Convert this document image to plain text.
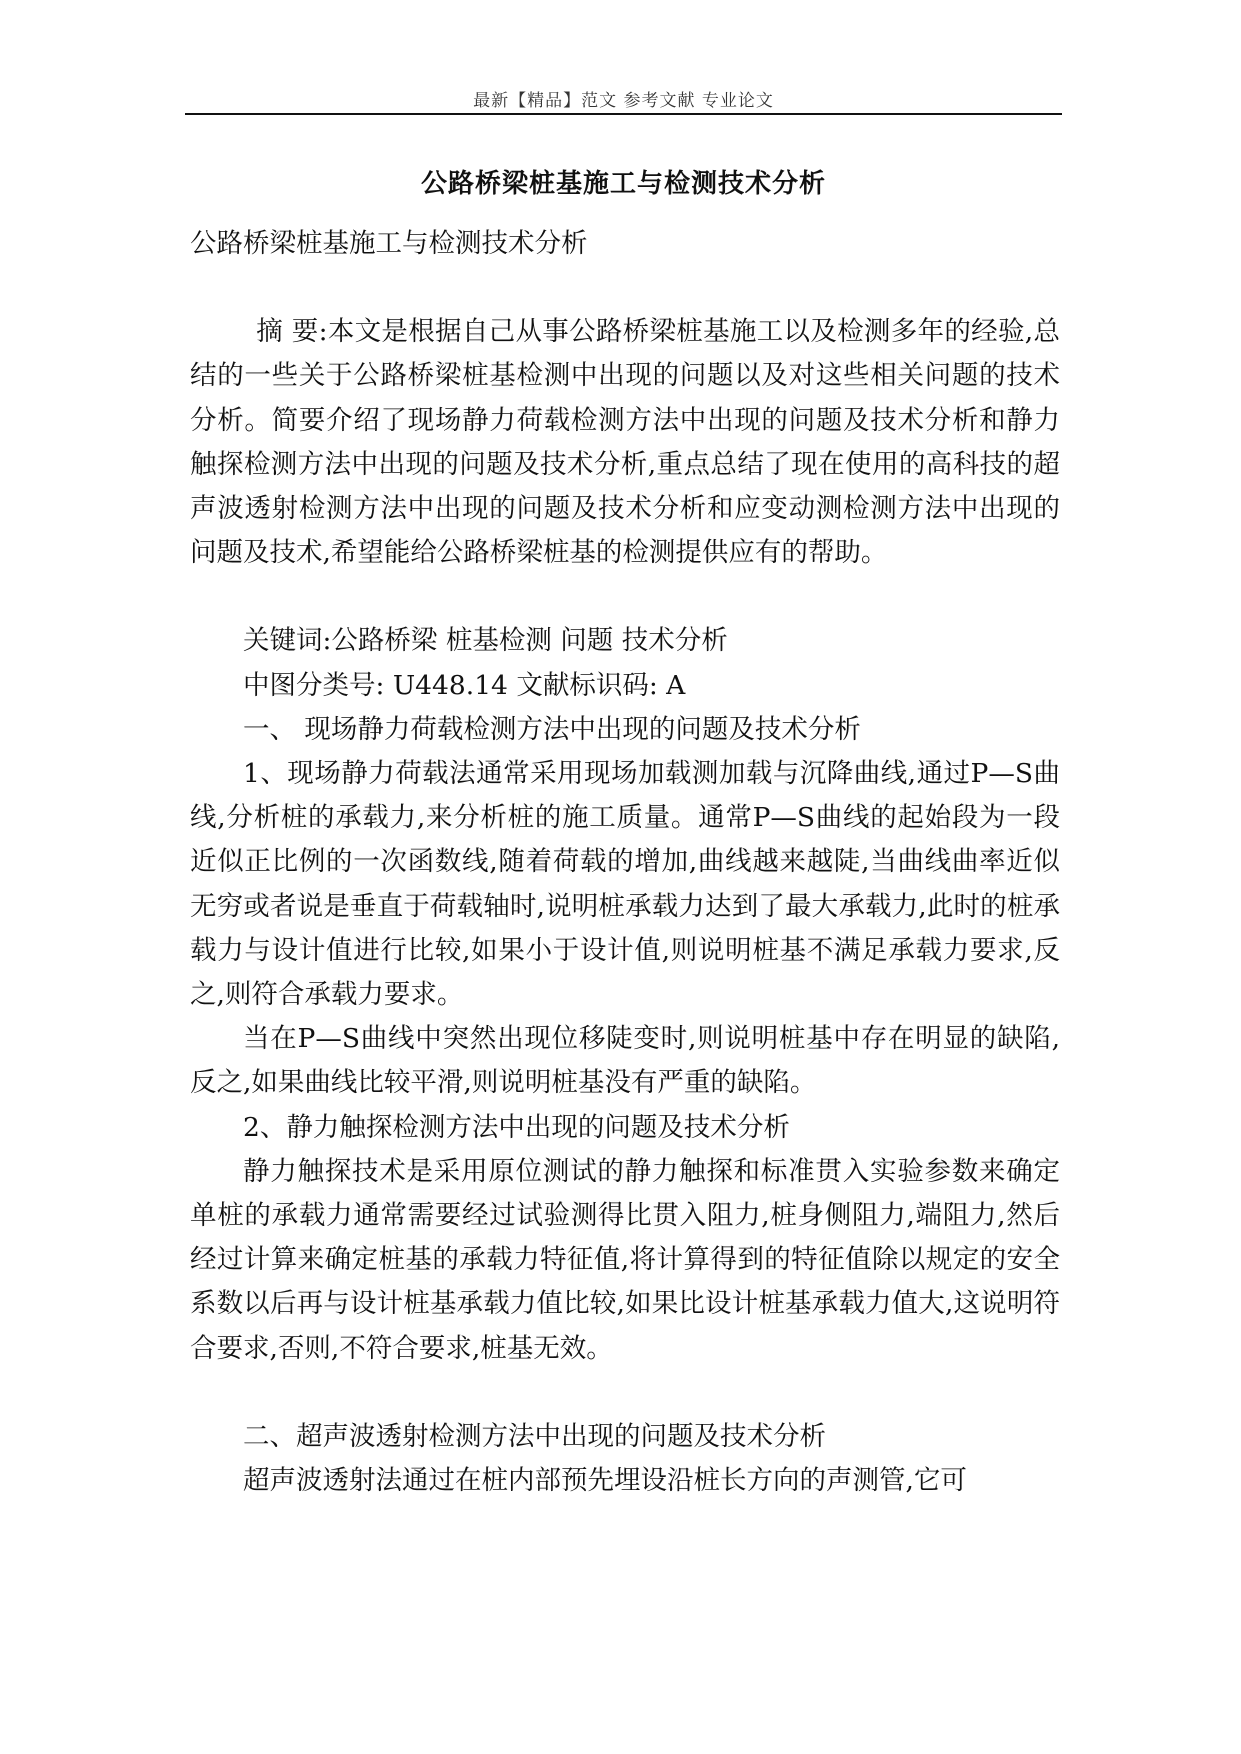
最新【精品】范文 参考文献 专业论文
公路桥梁桩基施工与检测技术分析

公路桥梁桩基施工与检测技术分析

摘 要:本文是根据自己从事公路桥梁桩基施工以及检测多年的经验,总结的一些关于公路桥梁桩基检测中出现的问题以及对这些相关问题的技术分析。简要介绍了现场静力荷载检测方法中出现的问题及技术分析和静力触探检测方法中出现的问题及技术分析,重点总结了现在使用的高科技的超声波透射检测方法中出现的问题及技术分析和应变动测检测方法中出现的问题及技术,希望能给公路桥梁桩基的检测提供应有的帮助。

关键词:公路桥梁 桩基检测 问题 技术分析

中图分类号: U448.14 文献标识码: A

一、 现场静力荷载检测方法中出现的问题及技术分析

1、现场静力荷载法通常采用现场加载测加载与沉降曲线,通过P—S曲线,分析桩的承载力,来分析桩的施工质量。通常P—S曲线的起始段为一段近似正比例的一次函数线,随着荷载的增加,曲线越来越陡,当曲线曲率近似无穷或者说是垂直于荷载轴时,说明桩承载力达到了最大承载力,此时的桩承载力与设计值进行比较,如果小于设计值,则说明桩基不满足承载力要求,反之,则符合承载力要求。

当在P—S曲线中突然出现位移陡变时,则说明桩基中存在明显的缺陷,反之,如果曲线比较平滑,则说明桩基没有严重的缺陷。

2、静力触探检测方法中出现的问题及技术分析

静力触探技术是采用原位测试的静力触探和标准贯入实验参数来确定单桩的承载力通常需要经过试验测得比贯入阻力,桩身侧阻力,端阻力,然后经过计算来确定桩基的承载力特征值,将计算得到的特征值除以规定的安全系数以后再与设计桩基承载力值比较,如果比设计桩基承载力值大,这说明符合要求,否则,不符合要求,桩基无效。

二、超声波透射检测方法中出现的问题及技术分析

超声波透射法通过在桩内部预先埋设沿桩长方向的声测管,它可
